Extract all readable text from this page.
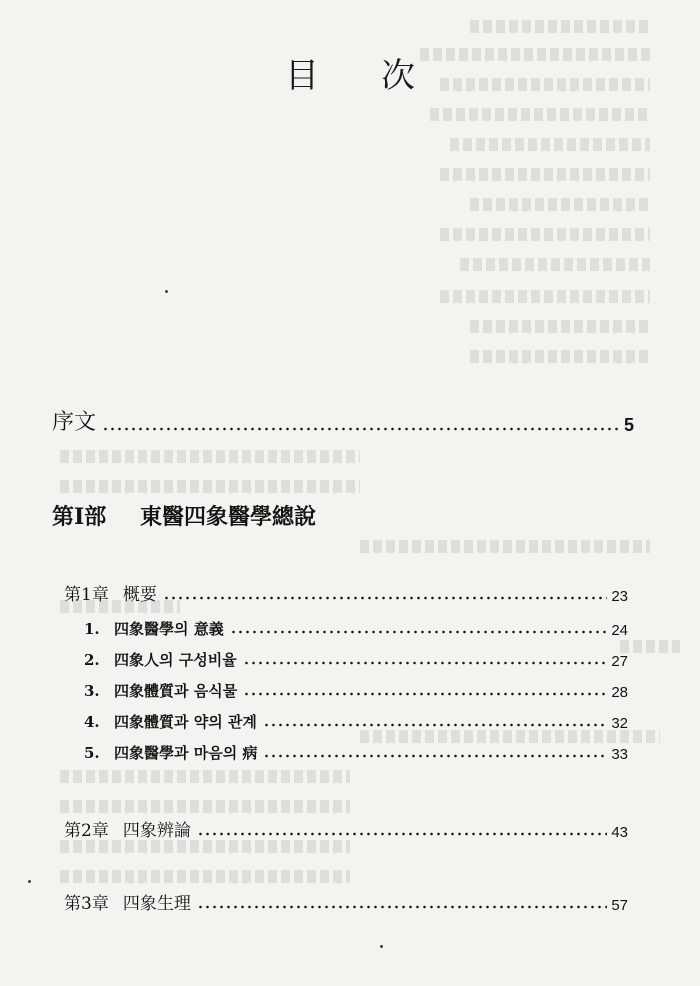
目次
序文	5
第Ⅰ部 東醫四象醫學總說
第1章 概要	23
1. 四象醫學의 意義	24
2. 四象人의 구성비율	27
3. 四象體質과 음식물	28
4. 四象體質과 약의 관계	32
5. 四象醫學과 마음의 病	33
第2章 四象辨論	43
第3章 四象生理	57
